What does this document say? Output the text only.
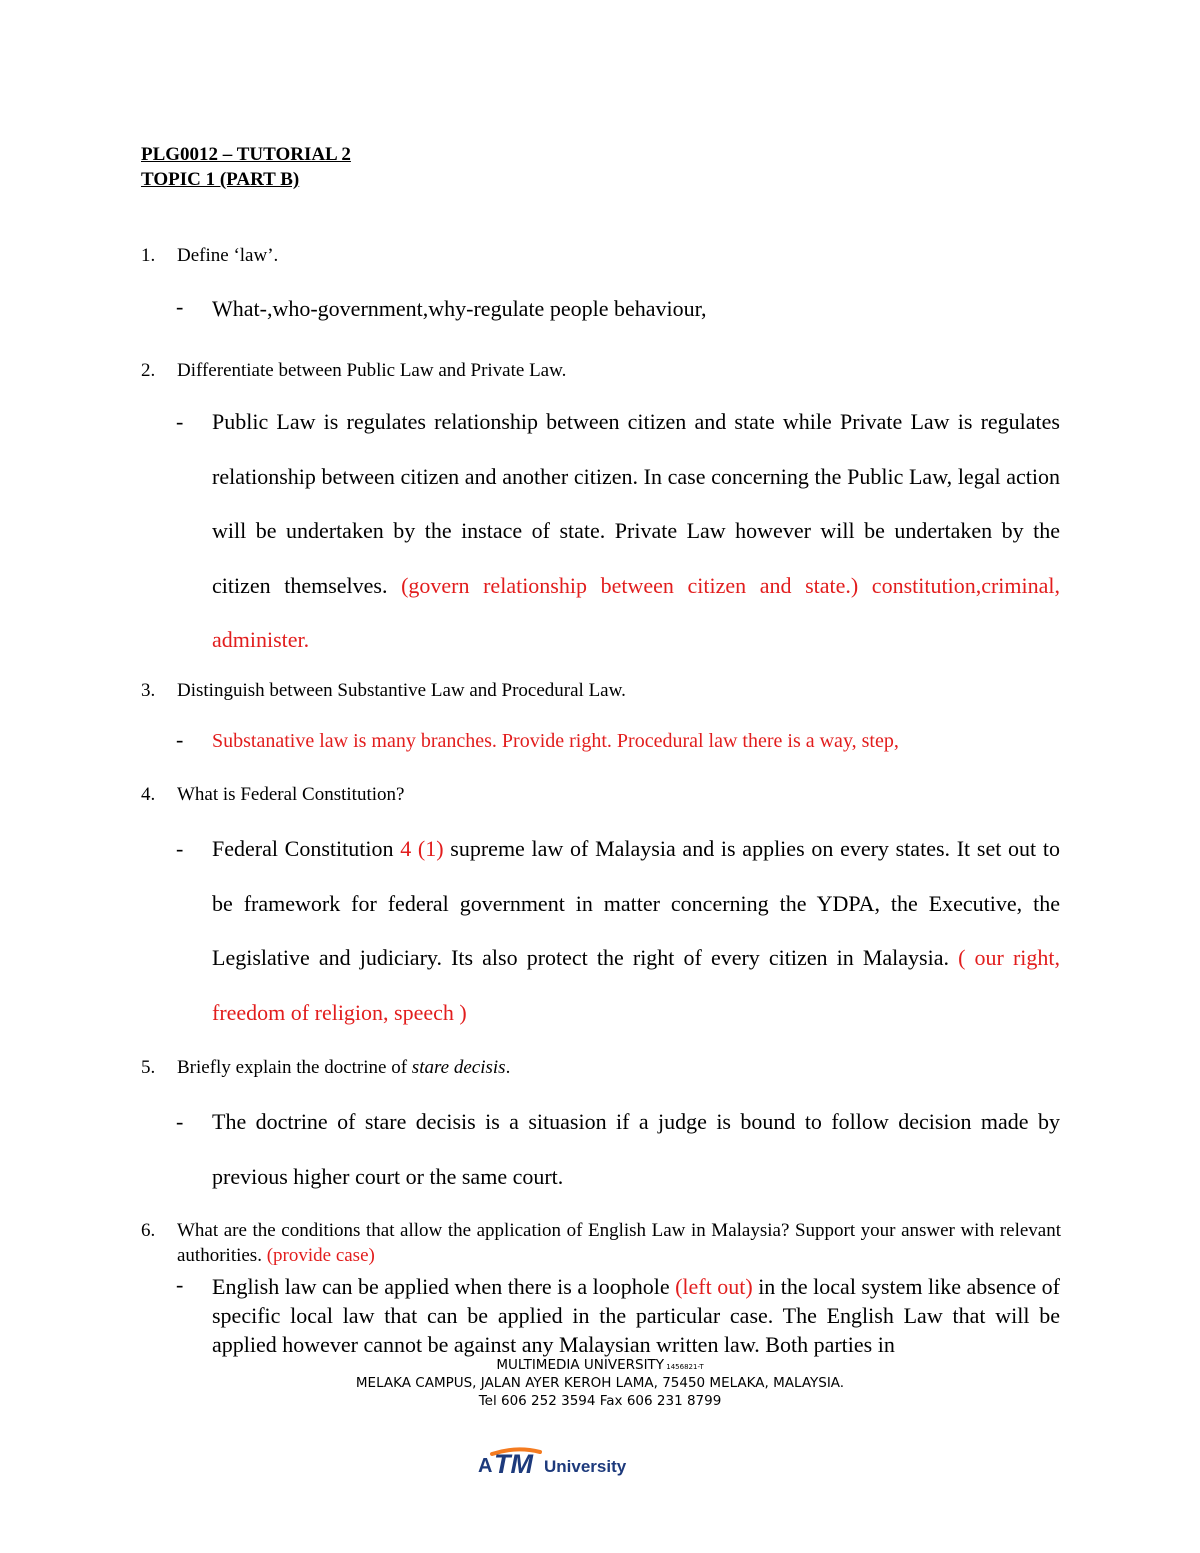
PLG0012 – TUTORIAL 2
TOPIC 1 (PART B)
1.	Define ‘law’.
- What-,who-government,why-regulate people behaviour,
2.	Differentiate between Public Law and Private Law.
- Public Law is regulates relationship between citizen and state while Private Law is regulates relationship between citizen and another citizen. In case concerning the Public Law, legal action will be undertaken by the instace of state. Private Law however will be undertaken by the citizen themselves. (govern relationship between citizen and state.) constitution,criminal, administer.
3.	Distinguish between Substantive Law and Procedural Law.
- Substanative law is many branches. Provide right. Procedural law there is a way, step,
4.	What is Federal Constitution?
- Federal Constitution 4 (1) supreme law of Malaysia and is applies on every states. It set out to be framework for federal government in matter concerning the YDPA, the Executive, the Legislative and judiciary. Its also protect the right of every citizen in Malaysia. ( our right, freedom of religion, speech )
5.	Briefly explain the doctrine of stare decisis.
- The doctrine of stare decisis is a situasion if a judge is bound to follow decision made by previous higher court or the same court.
6.	What are the conditions that allow the application of English Law in Malaysia? Support your answer with relevant authorities. (provide case)
- English law can be applied when there is a loophole (left out) in the local system like absence of specific local law that can be applied in the particular case. The English Law that will be applied however cannot be against any Malaysian written law. Both parties in
MULTIMEDIA UNIVERSITY 1456821-T
MELAKA CAMPUS, JALAN AYER KEROH LAMA, 75450 MELAKA, MALAYSIA.
Tel 606 252 3594 Fax 606 231 8799
A TM University
